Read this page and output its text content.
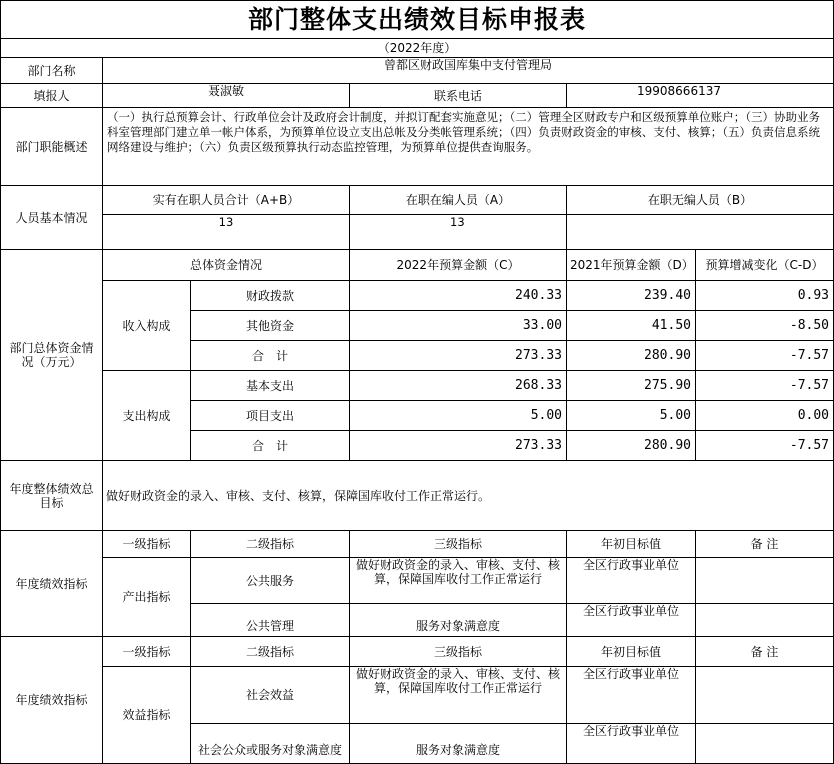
部门整体支出绩效目标申报表					
（2022年度）					
部门名称	曾都区财政国库集中支付管理局				
填报人	聂淑敏		联系电话	19908666137	
部门职能概述	（一）执行总预算会计、行政单位会计及政府会计制度，并拟订配套实施意见；（二）管理全区财政专户和区级预算单位账户；（三）协助业务科室管理部门建立单一帐户体系，为预算单位设立支出总帐及分类帐管理系统；（四）负责财政资金的审核、支付、核算；（五）负责信息系统网络建设与维护；（六）负责区级预算执行动态监控管理，为预算单位提供查询服务。				
人员基本情况	实有在职人员合计（A+B）		在职在编人员（A）	在职无编人员（B）	
	13		13		
部门总体资金情况（万元）	总体资金情况		2022年预算金额（C）	2021年预算金额（D）	预算增减变化（C-D）
	收入构成	财政拨款	240.33	239.40	0.93
		其他资金	33.00	41.50	-8.50
		合　计	273.33	280.90	-7.57
	支出构成	基本支出	268.33	275.90	-7.57
		项目支出	5.00	5.00	0.00
		合　计	273.33	280.90	-7.57
年度整体绩效总目标	做好财政资金的录入、审核、支付、核算，保障国库收付工作正常运行。				
年度绩效指标	一级指标	二级指标	三级指标	年初目标值	备 注
	产出指标	公共服务	做好财政资金的录入、审核、支付、核算，保障国库收付工作正常运行	全区行政事业单位	
		公共管理	服务对象满意度	全区行政事业单位	
年度绩效指标	一级指标	二级指标	三级指标	年初目标值	备 注
	效益指标	社会效益	做好财政资金的录入、审核、支付、核算，保障国库收付工作正常运行	全区行政事业单位	
		社会公众或服务对象满意度	服务对象满意度	全区行政事业单位	
